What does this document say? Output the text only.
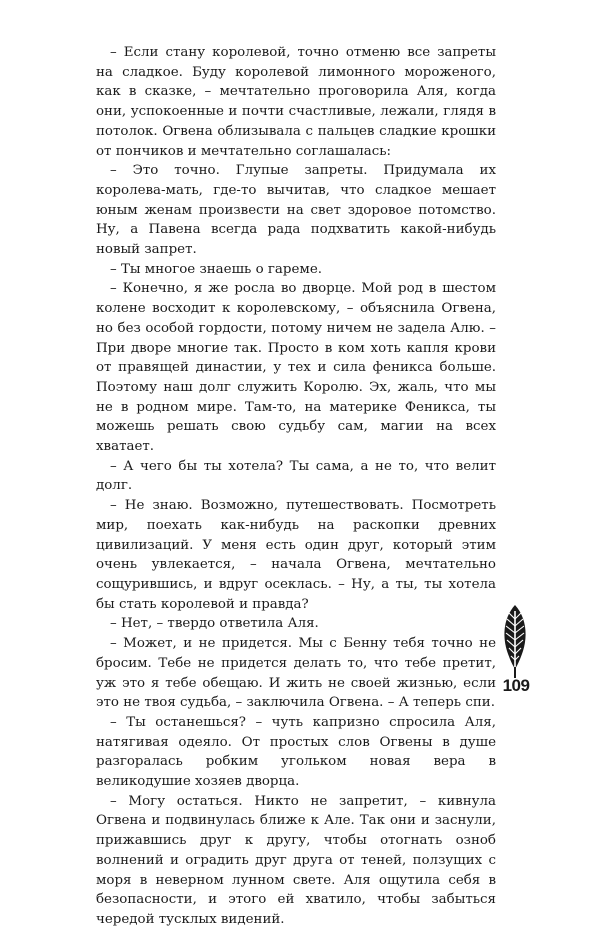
– Если стану королевой, точно отменю все запреты на сладкое. Буду королевой лимонного мороженого, как в сказке, – мечтательно проговорила Аля, когда они, успокоенные и почти счастливые, лежали, глядя в потолок. Огвена облизывала с пальцев сладкие крошки от пончиков и мечтательно соглашалась:

– Это точно. Глупые запреты. Придумала их королева-мать, где-то вычитав, что сладкое мешает юным женам произвести на свет здоровое потомство. Ну, а Павена всегда рада подхватить какой-нибудь новый запрет.

– Ты многое знаешь о гареме.

– Конечно, я же росла во дворце. Мой род в шестом колене восходит к королевскому, – объяснила Огвена, но без особой гордости, потому ничем не задела Алю. – При дворе многие так. Просто в ком хоть капля крови от правящей династии, у тех и сила феникса больше. Поэтому наш долг служить Королю. Эх, жаль, что мы не в родном мире. Там-то, на материке Феникса, ты можешь решать свою судьбу сам, магии на всех хватает.

– А чего бы ты хотела? Ты сама, а не то, что велит долг.

– Не знаю. Возможно, путешествовать. Посмотреть мир, поехать как-нибудь на раскопки древних цивилизаций. У меня есть один друг, который этим очень увлекается, – начала Огвена, мечтательно сощурившись, и вдруг осеклась. – Ну, а ты, ты хотела бы стать королевой и правда?

– Нет, – твердо ответила Аля.

– Может, и не придется. Мы с Бенну тебя точно не бросим. Тебе не придется делать то, что тебе претит, уж это я тебе обещаю. И жить не своей жизнью, если это не твоя судьба, – заключила Огвена. – А теперь спи.

– Ты останешься? – чуть капризно спросила Аля, натягивая одеяло. От простых слов Огвены в душе разгоралась робким угольком новая вера в великодушие хозяев дворца.

– Могу остаться. Никто не запретит, – кивнула Огвена и подвинулась ближе к Але. Так они и заснули, прижавшись друг к другу, чтобы отогнать озноб волнений и оградить друг друга от теней, ползущих с моря в неверном лунном свете. Аля ощутила себя в безопасности, и этого ей хватило, чтобы забыться чередой тусклых видений.

109
